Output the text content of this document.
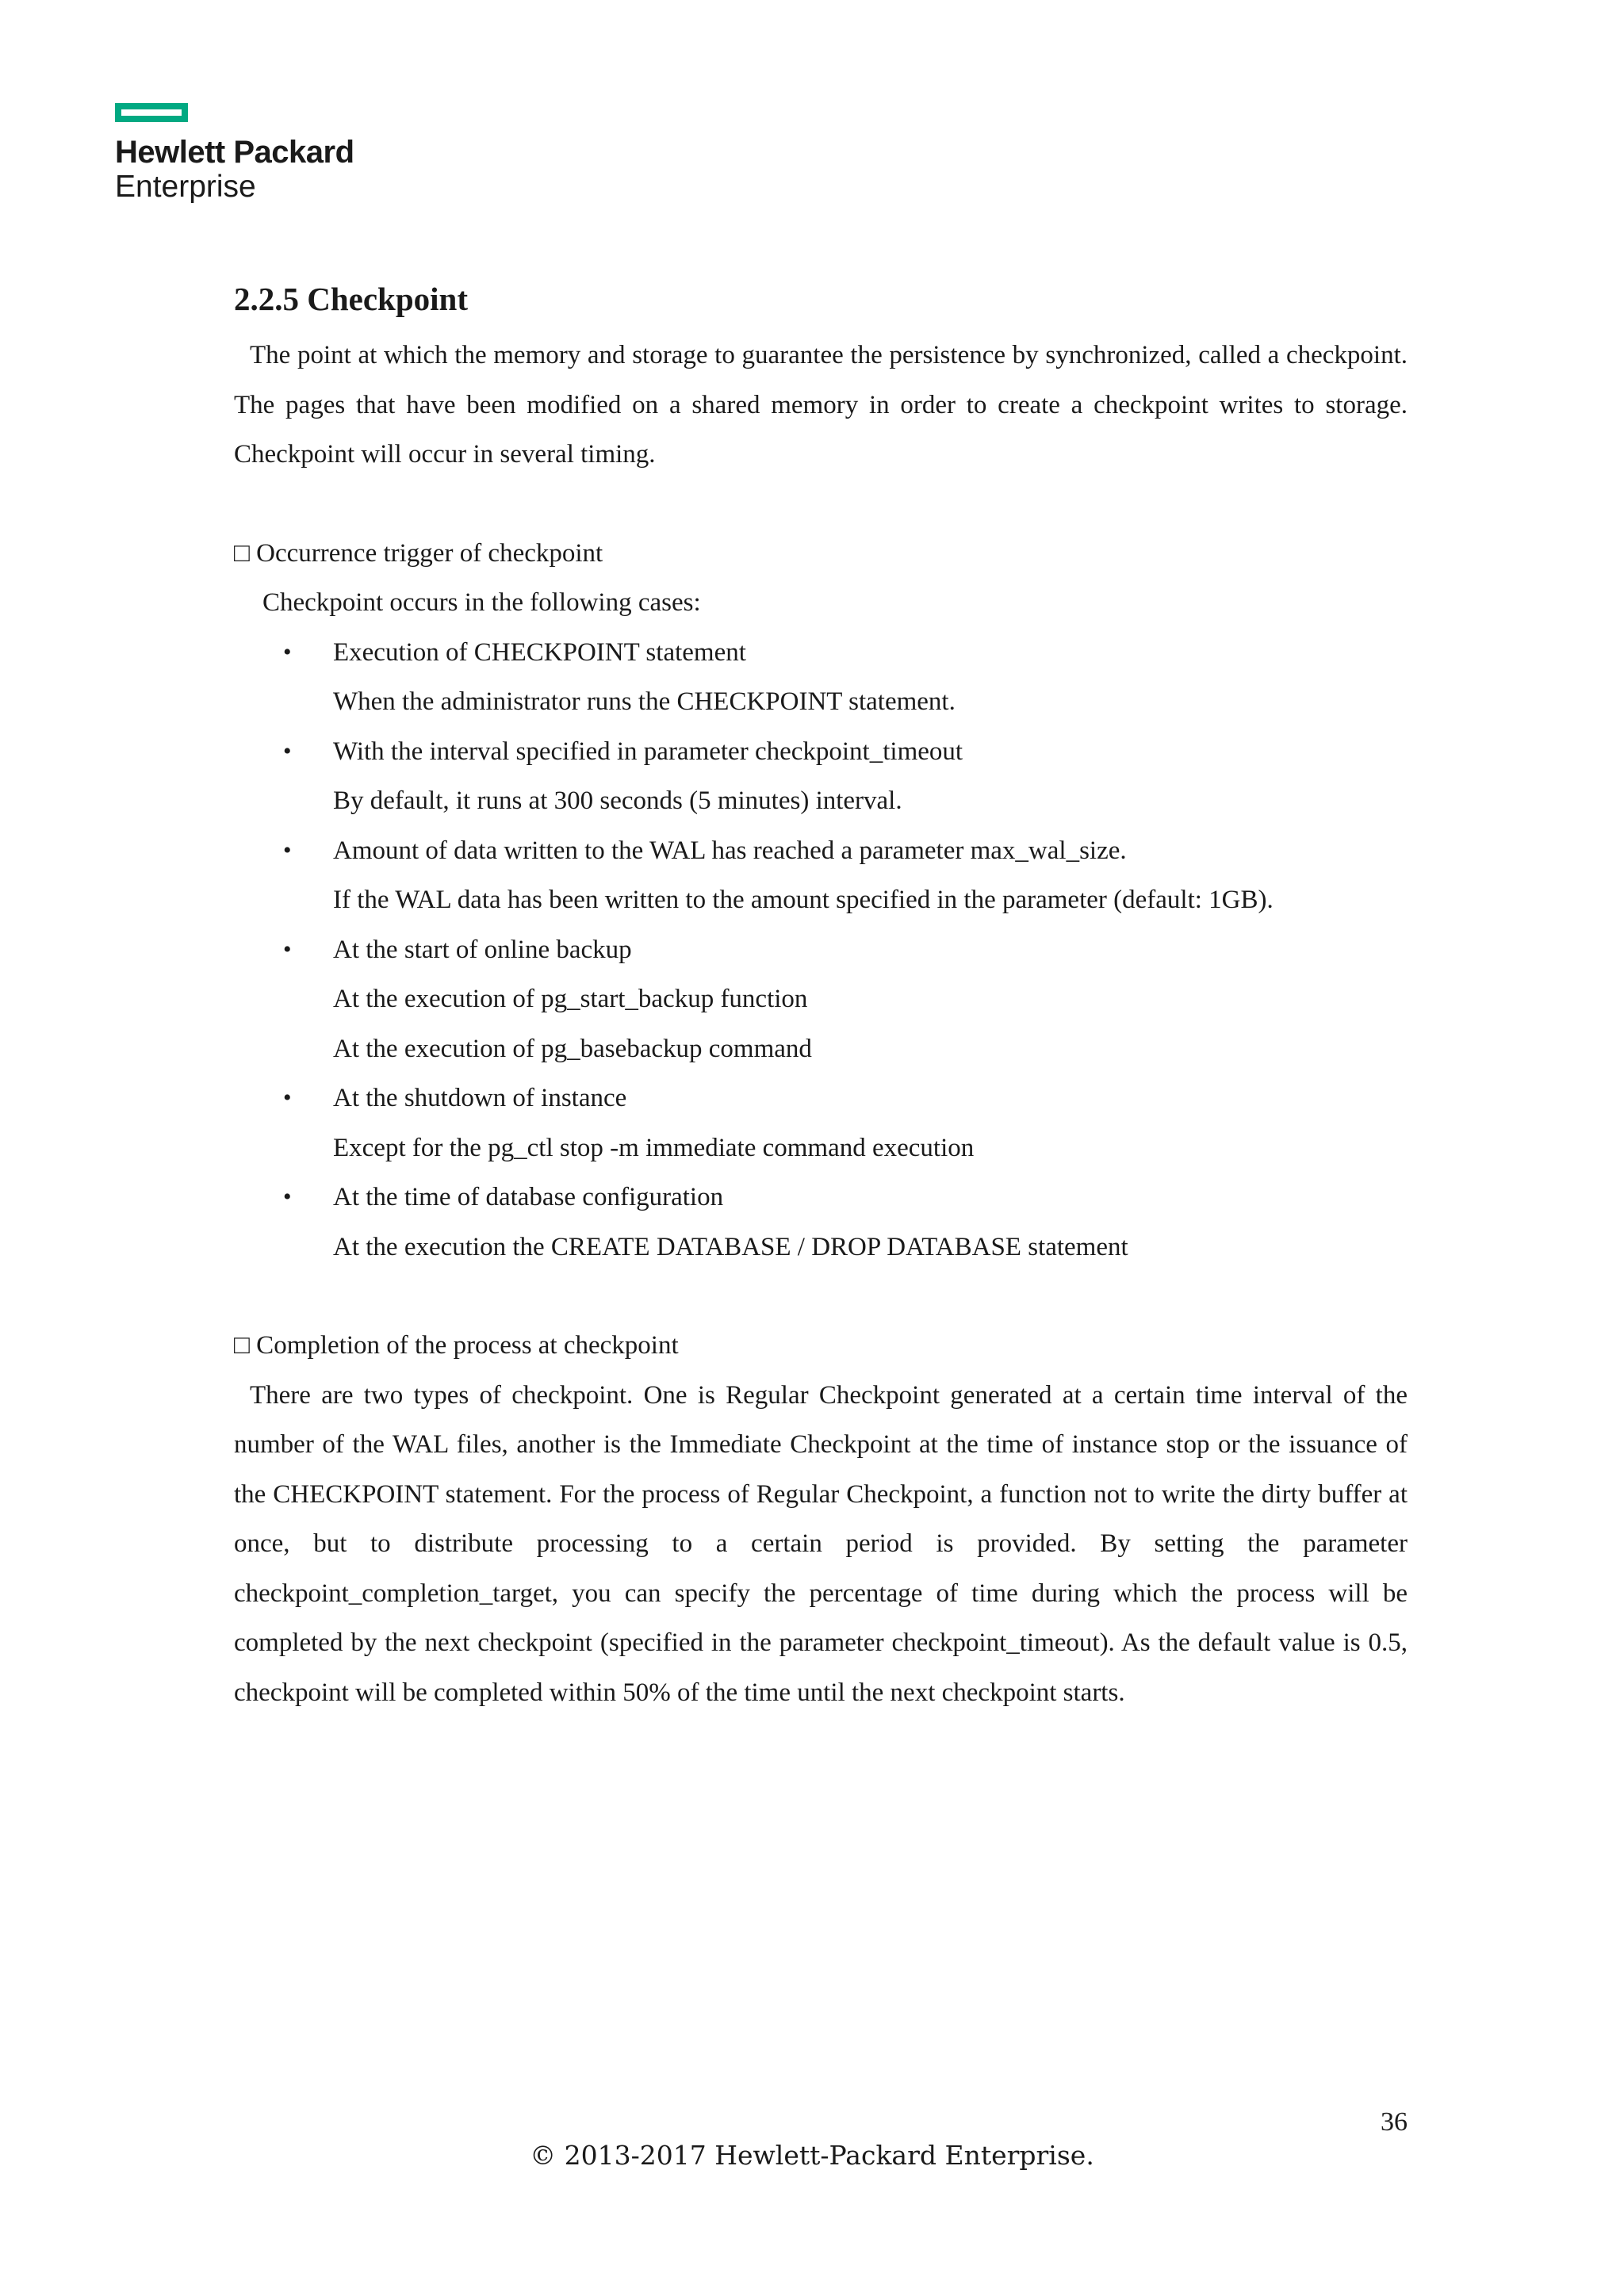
Hewlett Packard
Enterprise
2.2.5 Checkpoint

The point at which the memory and storage to guarantee the persistence by synchronized, called a checkpoint. The pages that have been modified on a shared memory in order to create a checkpoint writes to storage. Checkpoint will occur in several timing.

□ Occurrence trigger of checkpoint

Checkpoint occurs in the following cases:

• Execution of CHECKPOINT statement
When the administrator runs the CHECKPOINT statement.
• With the interval specified in parameter checkpoint_timeout
By default, it runs at 300 seconds (5 minutes) interval.
• Amount of data written to the WAL has reached a parameter max_wal_size.
If the WAL data has been written to the amount specified in the parameter (default: 1GB).
• At the start of online backup
At the execution of pg_start_backup function
At the execution of pg_basebackup command
• At the shutdown of instance
Except for the pg_ctl stop -m immediate command execution
• At the time of database configuration
At the execution the CREATE DATABASE / DROP DATABASE statement

□ Completion of the process at checkpoint

There are two types of checkpoint. One is Regular Checkpoint generated at a certain time interval of the number of the WAL files, another is the Immediate Checkpoint at the time of instance stop or the issuance of the CHECKPOINT statement. For the process of Regular Checkpoint, a function not to write the dirty buffer at once, but to distribute processing to a certain period is provided. By setting the parameter checkpoint_completion_target, you can specify the percentage of time during which the process will be completed by the next checkpoint (specified in the parameter checkpoint_timeout). As the default value is 0.5, checkpoint will be completed within 50% of the time until the next checkpoint starts.

36
© 2013-2017 Hewlett-Packard Enterprise.
